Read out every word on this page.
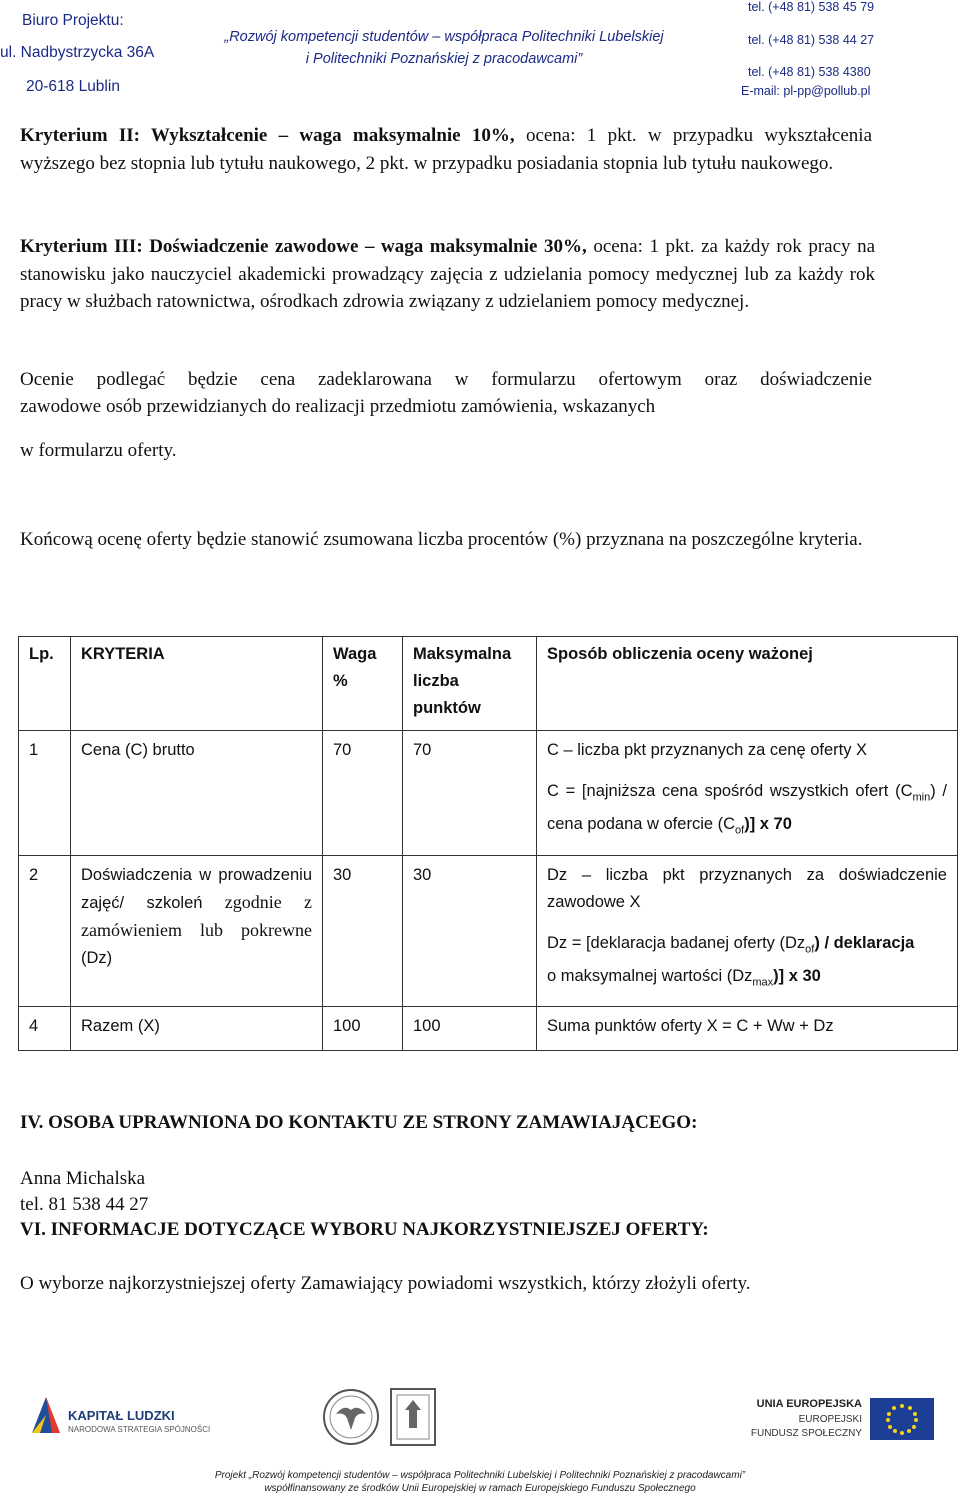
Biuro Projektu:
ul. Nadbystrzycka 36A
20-618 Lublin
„Rozwój kompetencji studentów – współpraca Politechniki Lubelskiej
i Politechniki Poznańskiej z pracodawcami”
tel. (+48 81) 538 45 79
tel. (+48 81) 538 44 27
tel. (+48 81) 538 4380
E-mail: pl-pp@pollub.pl
Kryterium II: Wykształcenie – waga maksymalnie 10%, ocena: 1 pkt. w przypadku wykształcenia wyższego bez stopnia lub tytułu naukowego, 2 pkt. w przypadku posiadania stopnia lub tytułu naukowego.
Kryterium III: Doświadczenie zawodowe – waga maksymalnie 30%, ocena: 1 pkt. za każdy rok pracy na stanowisku jako nauczyciel akademicki prowadzący zajęcia z udzielania pomocy medycznej lub za każdy rok pracy w służbach ratownictwa, ośrodkach zdrowia związany z udzielaniem pomocy medycznej.
Ocenie podlegać będzie cena zadeklarowana w formularzu ofertowym oraz doświadczenie
zawodowe osób przewidzianych do realizacji przedmiotu zamówienia, wskazanych
w formularzu oferty.
Końcową ocenę oferty będzie stanowić zsumowana liczba procentów (%) przyznana na poszczególne kryteria.
Lp.	KRYTERIA	Waga %	Maksymalna liczba punktów	Sposób obliczenia oceny ważonej
1	Cena (C) brutto	70	70	C – liczba pkt przyznanych za cenę oferty X
C = [najniższa cena spośród wszystkich ofert $(C_{min})$ / cena podana w ofercie $(C_{of})$] x 70

2	Doświadczenia w prowadzeniu zajęć/ szkoleń zgodnie z zamówieniem lub pokrewne (Dz)	30	30	Dz – liczba pkt przyznanych za doświadczenie zawodowe X
Dz = [deklaracja badanej oferty $(Dz_{of})$ / deklaracja
o maksymalnej wartości $(Dz_{max})$] x 30

4	Razem (X)	100	100	Suma punktów oferty X = C + Ww + Dz
IV. OSOBA UPRAWNIONA DO KONTAKTU ZE STRONY ZAMAWIAJĄCEGO:
Anna Michalska
tel. 81 538 44 27
VI. INFORMACJE DOTYCZĄCE WYBORU NAJKORZYSTNIEJSZEJ OFERTY:
O wyborze najkorzystniejszej oferty Zamawiający powiadomi wszystkich, którzy złożyli oferty.
KAPITAŁ LUDZKI
NARODOWA STRATEGIA SPÓJNOŚCI
UNIA EUROPEJSKA
EUROPEJSKI
FUNDUSZ SPOŁECZNY
Projekt „Rozwój kompetencji studentów – współpraca Politechniki Lubelskiej i Politechniki Poznańskiej z pracodawcami”
współfinansowany ze środków Unii Europejskiej w ramach Europejskiego Funduszu Społecznego
